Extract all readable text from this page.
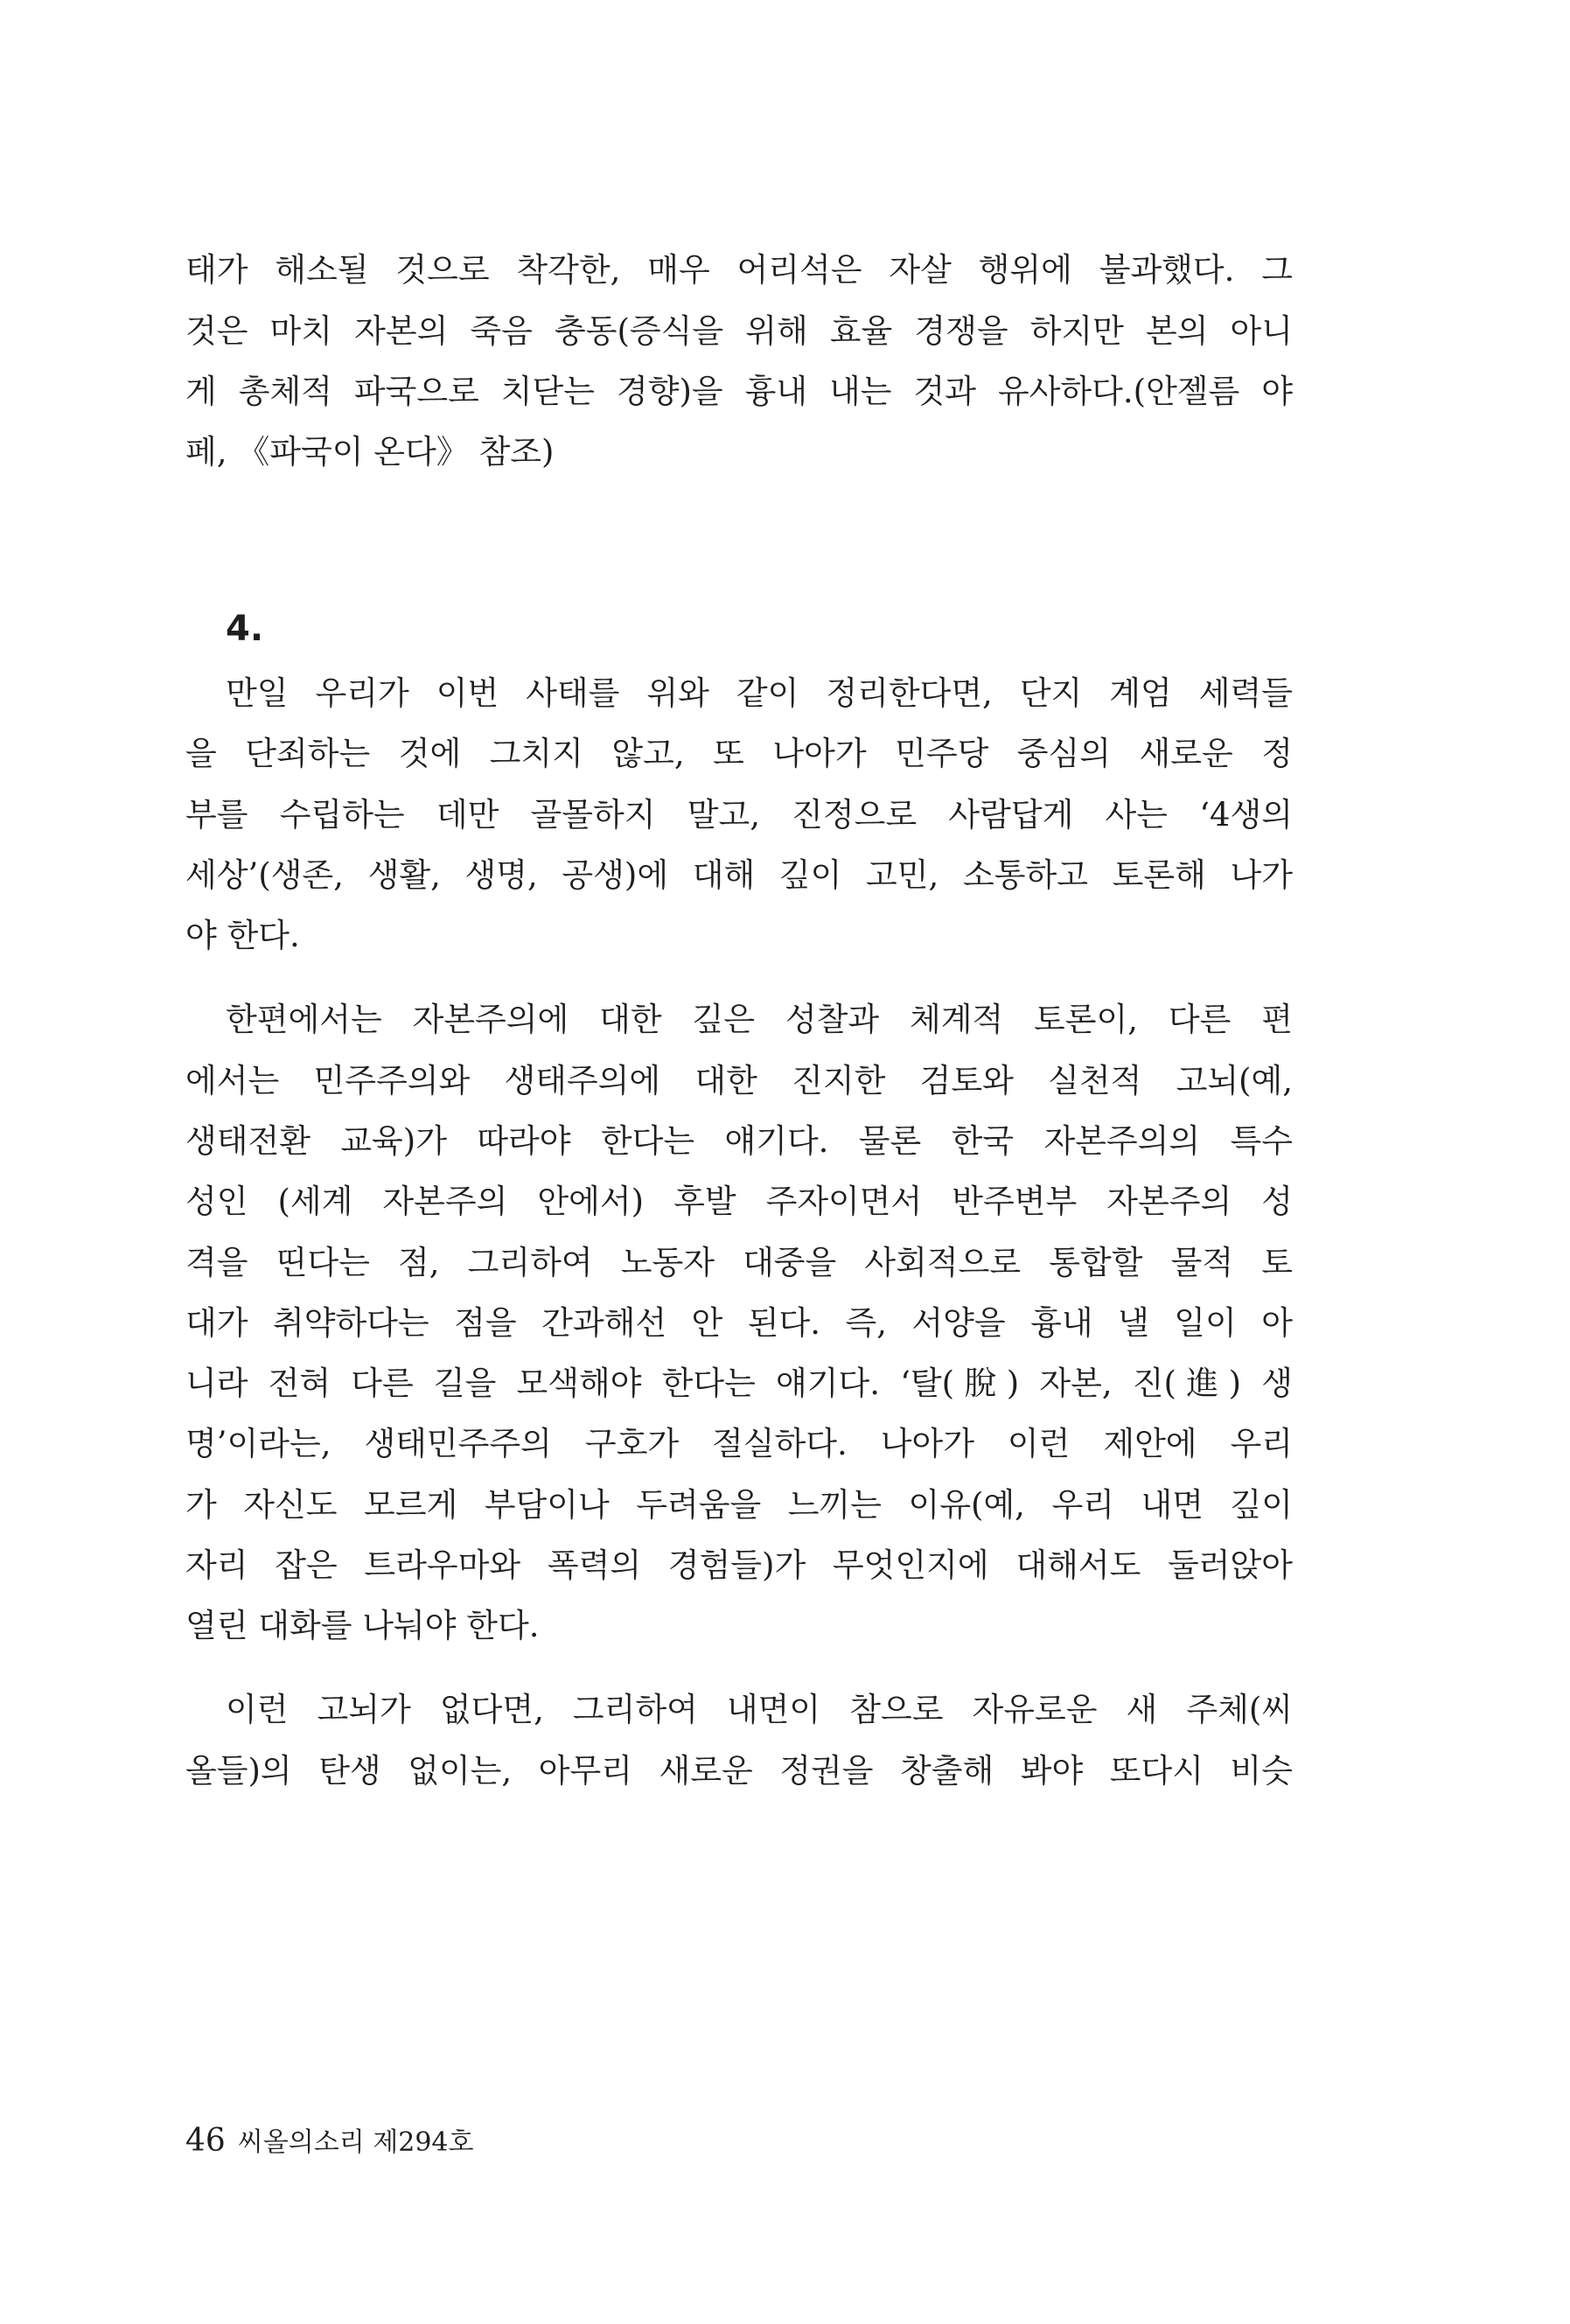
태가 해소될 것으로 착각한, 매우 어리석은 자살 행위에 불과했다. 그
것은 마치 자본의 죽음 충동(증식을 위해 효율 경쟁을 하지만 본의 아니
게 총체적 파국으로 치닫는 경향)을 흉내 내는 것과 유사하다.(안젤름 야
페, 《파국이 온다》 참조)
4.
만일 우리가 이번 사태를 위와 같이 정리한다면, 단지 계엄 세력들
을 단죄하는 것에 그치지 않고, 또 나아가 민주당 중심의 새로운 정
부를 수립하는 데만 골몰하지 말고, 진정으로 사람답게 사는 ‘4생의
세상’(생존, 생활, 생명, 공생)에 대해 깊이 고민, 소통하고 토론해 나가
야 한다.
한편에서는 자본주의에 대한 깊은 성찰과 체계적 토론이, 다른 편
에서는 민주주의와 생태주의에 대한 진지한 검토와 실천적 고뇌(예,
생태전환 교육)가 따라야 한다는 얘기다. 물론 한국 자본주의의 특수
성인 (세계 자본주의 안에서) 후발 주자이면서 반주변부 자본주의 성
격을 띤다는 점, 그리하여 노동자 대중을 사회적으로 통합할 물적 토
대가 취약하다는 점을 간과해선 안 된다. 즉, 서양을 흉내 낼 일이 아
니라 전혀 다른 길을 모색해야 한다는 얘기다. ‘탈(脫) 자본, 진(進) 생
명’이라는, 생태민주주의 구호가 절실하다. 나아가 이런 제안에 우리
가 자신도 모르게 부담이나 두려움을 느끼는 이유(예, 우리 내면 깊이
자리 잡은 트라우마와 폭력의 경험들)가 무엇인지에 대해서도 둘러앉아
열린 대화를 나눠야 한다.
이런 고뇌가 없다면, 그리하여 내면이 참으로 자유로운 새 주체(씨
올들)의 탄생 없이는, 아무리 새로운 정권을 창출해 봐야 또다시 비슷
46 씨올의소리 제294호
